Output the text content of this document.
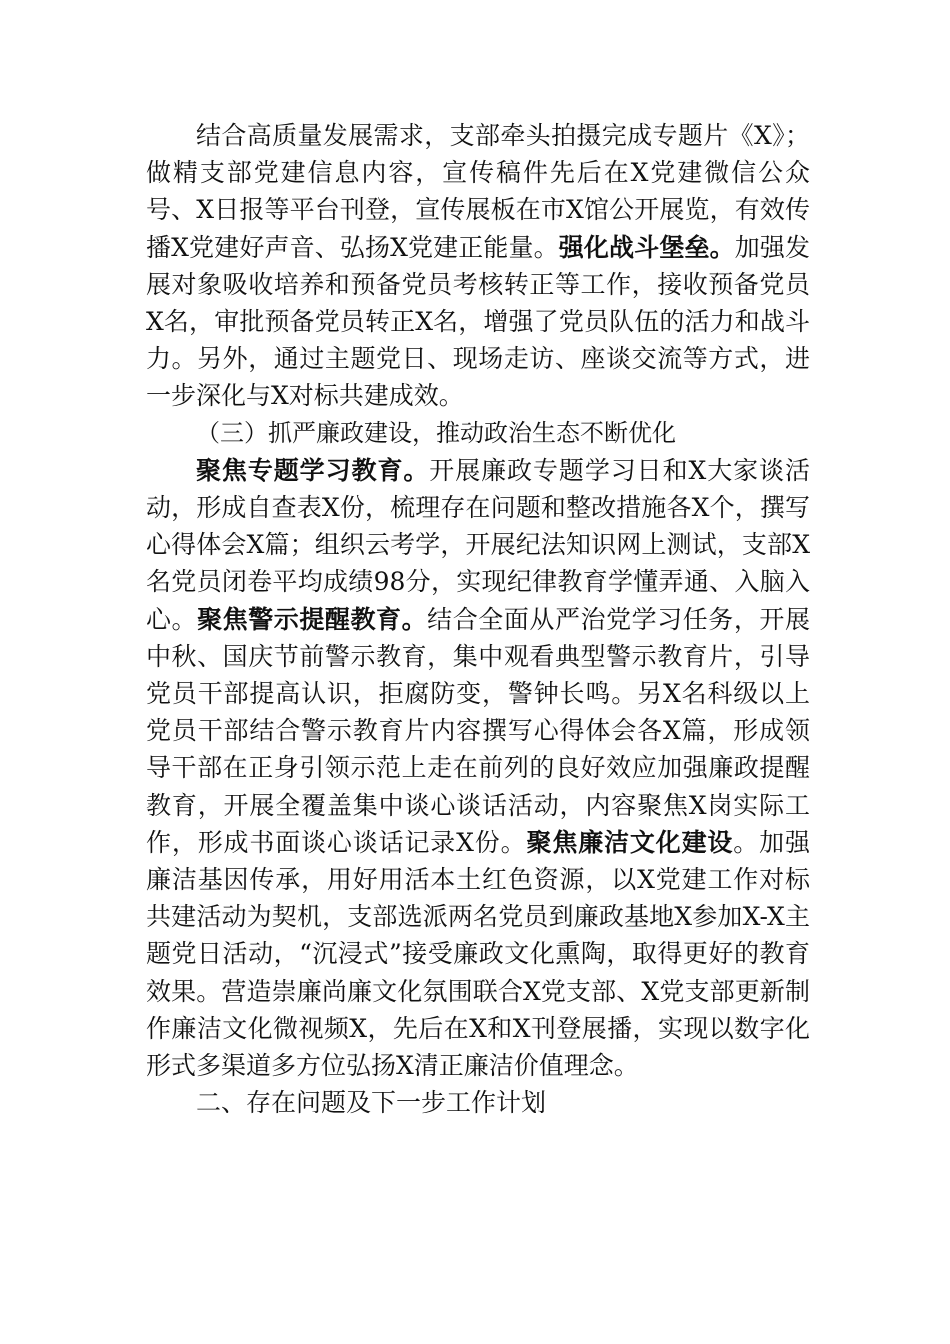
结合高质量发展需求，支部牵头拍摄完成专题片《X》；做精支部党建信息内容，宣传稿件先后在X党建微信公众号、X日报等平台刊登，宣传展板在市X馆公开展览，有效传播X党建好声音、弘扬X党建正能量。强化战斗堡垒。加强发展对象吸收培养和预备党员考核转正等工作，接收预备党员X名，审批预备党员转正X名，增强了党员队伍的活力和战斗力。另外，通过主题党日、现场走访、座谈交流等方式，进一步深化与X对标共建成效。

（三）抓严廉政建设，推动政治生态不断优化

聚焦专题学习教育。开展廉政专题学习日和X大家谈活动，形成自查表X份，梳理存在问题和整改措施各X个，撰写心得体会X篇；组织云考学，开展纪法知识网上测试，支部X名党员闭卷平均成绩98分，实现纪律教育学懂弄通、入脑入心。聚焦警示提醒教育。结合全面从严治党学习任务，开展中秋、国庆节前警示教育，集中观看典型警示教育片，引导党员干部提高认识，拒腐防变，警钟长鸣。另X名科级以上党员干部结合警示教育片内容撰写心得体会各X篇，形成领导干部在正身引领示范上走在前列的良好效应加强廉政提醒教育，开展全覆盖集中谈心谈话活动，内容聚焦X岗实际工作，形成书面谈心谈话记录X份。聚焦廉洁文化建设。加强廉洁基因传承，用好用活本土红色资源，以X党建工作对标共建活动为契机，支部选派两名党员到廉政基地X参加X-X主题党日活动，“沉浸式”接受廉政文化熏陶，取得更好的教育效果。营造崇廉尚廉文化氛围联合X党支部、X党支部更新制作廉洁文化微视频X，先后在X和X刊登展播，实现以数字化形式多渠道多方位弘扬X清正廉洁价值理念。

二、存在问题及下一步工作计划
